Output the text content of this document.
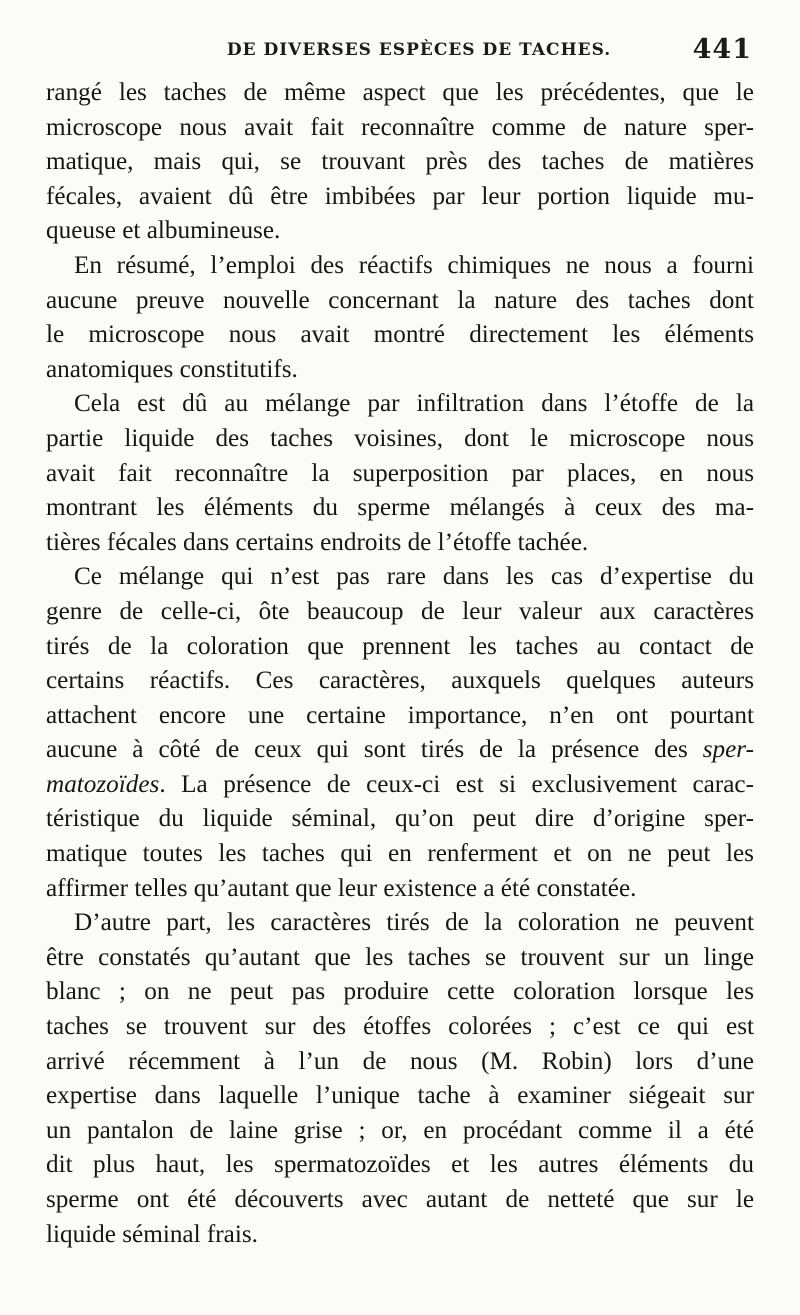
DE DIVERSES ESPÈCES DE TACHES.	441
rangé les taches de même aspect que les précédentes, que le
microscope nous avait fait reconnaître comme de nature sper-
matique, mais qui, se trouvant près des taches de matières
fécales, avaient dû être imbibées par leur portion liquide mu-
queuse et albumineuse.
En résumé, l’emploi des réactifs chimiques ne nous a fourni
aucune preuve nouvelle concernant la nature des taches dont
le microscope nous avait montré directement les éléments
anatomiques constitutifs.
Cela est dû au mélange par infiltration dans l’étoffe de la
partie liquide des taches voisines, dont le microscope nous
avait fait reconnaître la superposition par places, en nous
montrant les éléments du sperme mélangés à ceux des ma-
tières fécales dans certains endroits de l’étoffe tachée.
Ce mélange qui n’est pas rare dans les cas d’expertise du
genre de celle-ci, ôte beaucoup de leur valeur aux caractères
tirés de la coloration que prennent les taches au contact de
certains réactifs. Ces caractères, auxquels quelques auteurs
attachent encore une certaine importance, n’en ont pourtant
aucune à côté de ceux qui sont tirés de la présence des sper-
matozoïdes. La présence de ceux-ci est si exclusivement carac-
téristique du liquide séminal, qu’on peut dire d’origine sper-
matique toutes les taches qui en renferment et on ne peut les
affirmer telles qu’autant que leur existence a été constatée.
D’autre part, les caractères tirés de la coloration ne peuvent
être constatés qu’autant que les taches se trouvent sur un linge
blanc ; on ne peut pas produire cette coloration lorsque les
taches se trouvent sur des étoffes colorées ; c’est ce qui est
arrivé récemment à l’un de nous (M. Robin) lors d’une
expertise dans laquelle l’unique tache à examiner siégeait sur
un pantalon de laine grise ; or, en procédant comme il a été
dit plus haut, les spermatozoïdes et les autres éléments du
sperme ont été découverts avec autant de netteté que sur le
liquide séminal frais.
